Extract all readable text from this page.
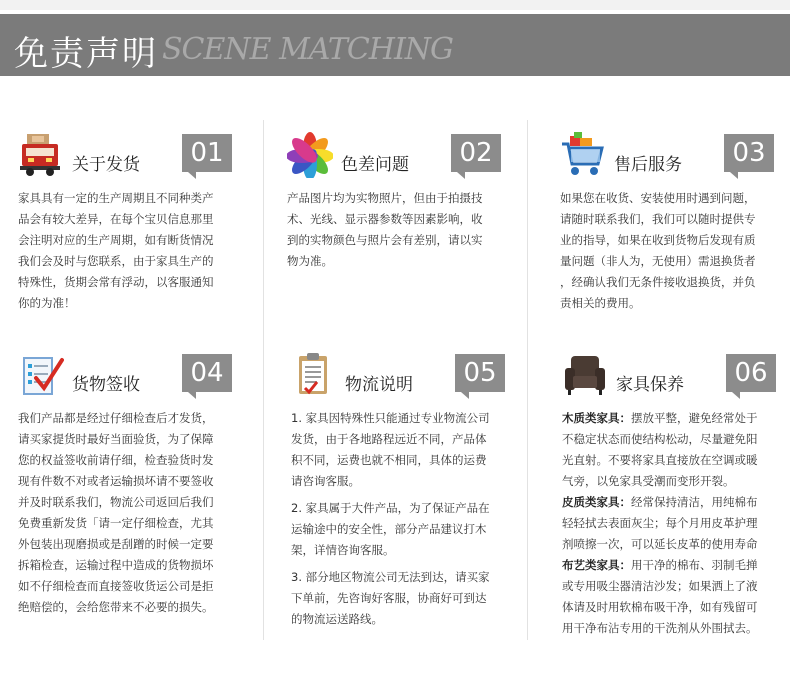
免责声明 SCENE MATCHING
关于发货	01

家具具有一定的生产周期且不同种类产

品会有较大差异，在每个宝贝信息那里

会注明对应的生产周期，如有断货情况

我们会及时与您联系，由于家具生产的

特殊性，货期会常有浮动，以客服通知

你的为准！

色差问题	02

产品图片均为实物照片，但由于拍摄技

术、光线、显示器参数等因素影响，收

到的实物颜色与照片会有差别，请以实

物为准。

售后服务	03

如果您在收货、安装使用时遇到问题，

请随时联系我们，我们可以随时提供专

业的指导，如果在收到货物后发现有质

量问题（非人为，无使用）需退换货者

，经确认我们无条件接收退换货，并负

责相关的费用。

货物签收	04

我们产品都是经过仔细检查后才发货，

请买家提货时最好当面验货，为了保障

您的权益签收前请仔细，检查验货时发

现有件数不对或者运输损坏请不要签收

并及时联系我们，物流公司返回后我们

免费重新发货「请一定仔细检查，尤其

外包装出现磨损或是刮蹭的时候一定要

拆箱检查，运输过程中造成的货物损坏

如不仔细检查而直接签收货运公司是拒

绝赔偿的，会给您带来不必要的损失。

物流说明	05

1. 家具因特殊性只能通过专业物流公司

发货，由于各地路程远近不同，产品体

积不同，运费也就不相同，具体的运费

请咨询客服。

2. 家具属于大件产品，为了保证产品在

运输途中的安全性，部分产品建议打木

架，详情咨询客服。

3. 部分地区物流公司无法到达，请买家

下单前，先咨询好客服，协商好可到达

的物流运送路线。

家具保养	06

木质类家具：摆放平整，避免经常处于

不稳定状态而使结构松动，尽量避免阳

光直射。不要将家具直接放在空调或暖

气旁，以免家具受潮而变形开裂。

皮质类家具：经常保持清洁，用纯棉布

轻轻拭去表面灰尘；每个月用皮革护理

剂喷擦一次，可以延长皮革的使用寿命

布艺类家具：用干净的棉布、羽制毛掸

或专用吸尘器清洁沙发；如果洒上了液

体请及时用软棉布吸干净，如有残留可

用干净布沾专用的干洗剂从外围拭去。
